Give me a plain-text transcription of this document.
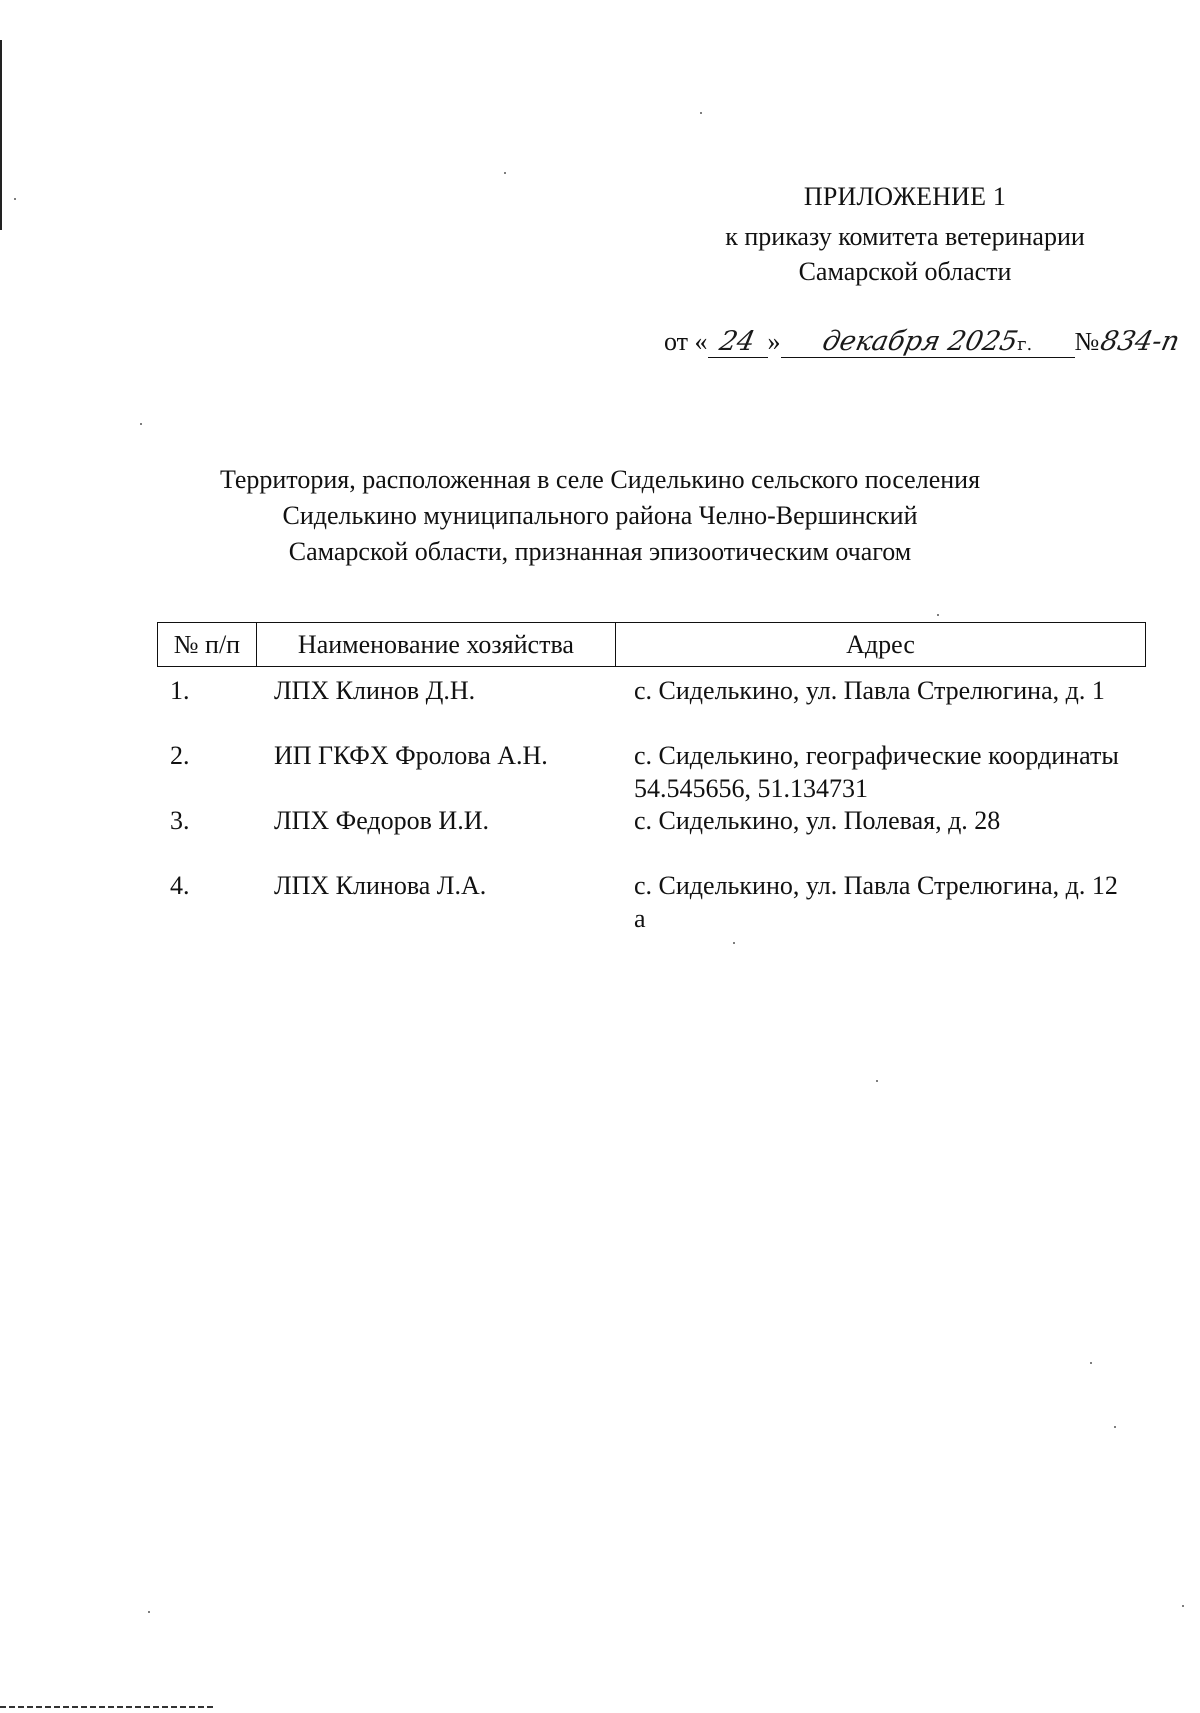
ПРИЛОЖЕНИЕ 1
к приказу комитета ветеринарии
Самарской области
от « 24 » декабря 2025г. №834-п
Территория, расположенная в селе Сиделькино сельского поселения
Сиделькино муниципального района Челно-Вершинский
Самарской области, признанная эпизоотическим очагом
№ п/п	Наименование хозяйства	Адрес
1.	ЛПХ Клинов Д.Н.	с. Сиделькино, ул. Павла Стрелюгина, д. 1
2.	ИП ГКФХ Фролова А.Н.	с. Сиделькино, географические координаты 54.545656, 51.134731
3.	ЛПХ Федоров И.И.	с. Сиделькино, ул. Полевая, д. 28
4.	ЛПХ Клинова Л.А.	с. Сиделькино, ул. Павла Стрелюгина, д. 12 а
